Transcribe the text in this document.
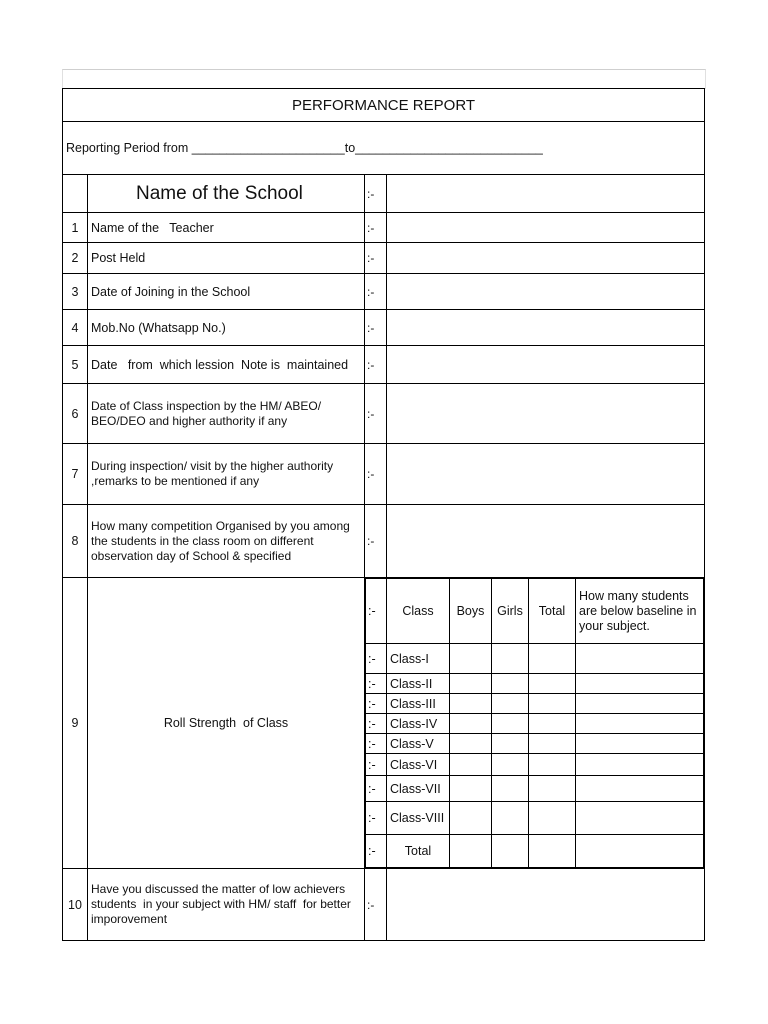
PERFORMANCE REPORT
Reporting Period from ______________________to___________________________
	Name of the School	:-	
1	Name of the   Teacher	:-	
2	Post Held	:-	
3	Date of Joining in the School	:-	
4	Mob.No (Whatsapp No.)	:-	
5	Date   from  which lession  Note is  maintained	:-	
6	Date of Class inspection by the HM/ ABEO/ BEO/DEO and higher authority if any	:-	
7	During inspection/ visit by the higher authority ,remarks to be mentioned if any	:-	
8	How many competition Organised by you among the students in the class room on different observation day of School & specified	:-	
9	Roll Strength  of Class	
:-	Class	Boys	Girls	Total	How many students are below baseline in your subject.
:-	Class-I				
:-	Class-II				
:-	Class-III				
:-	Class-IV				
:-	Class-V				
:-	Class-VI				
:-	Class-VII				
:-	Class-VIII				
:-	Total				

10	Have you discussed the matter of low achievers    students  in your subject with HM/ staff  for better imporovement	:-	
